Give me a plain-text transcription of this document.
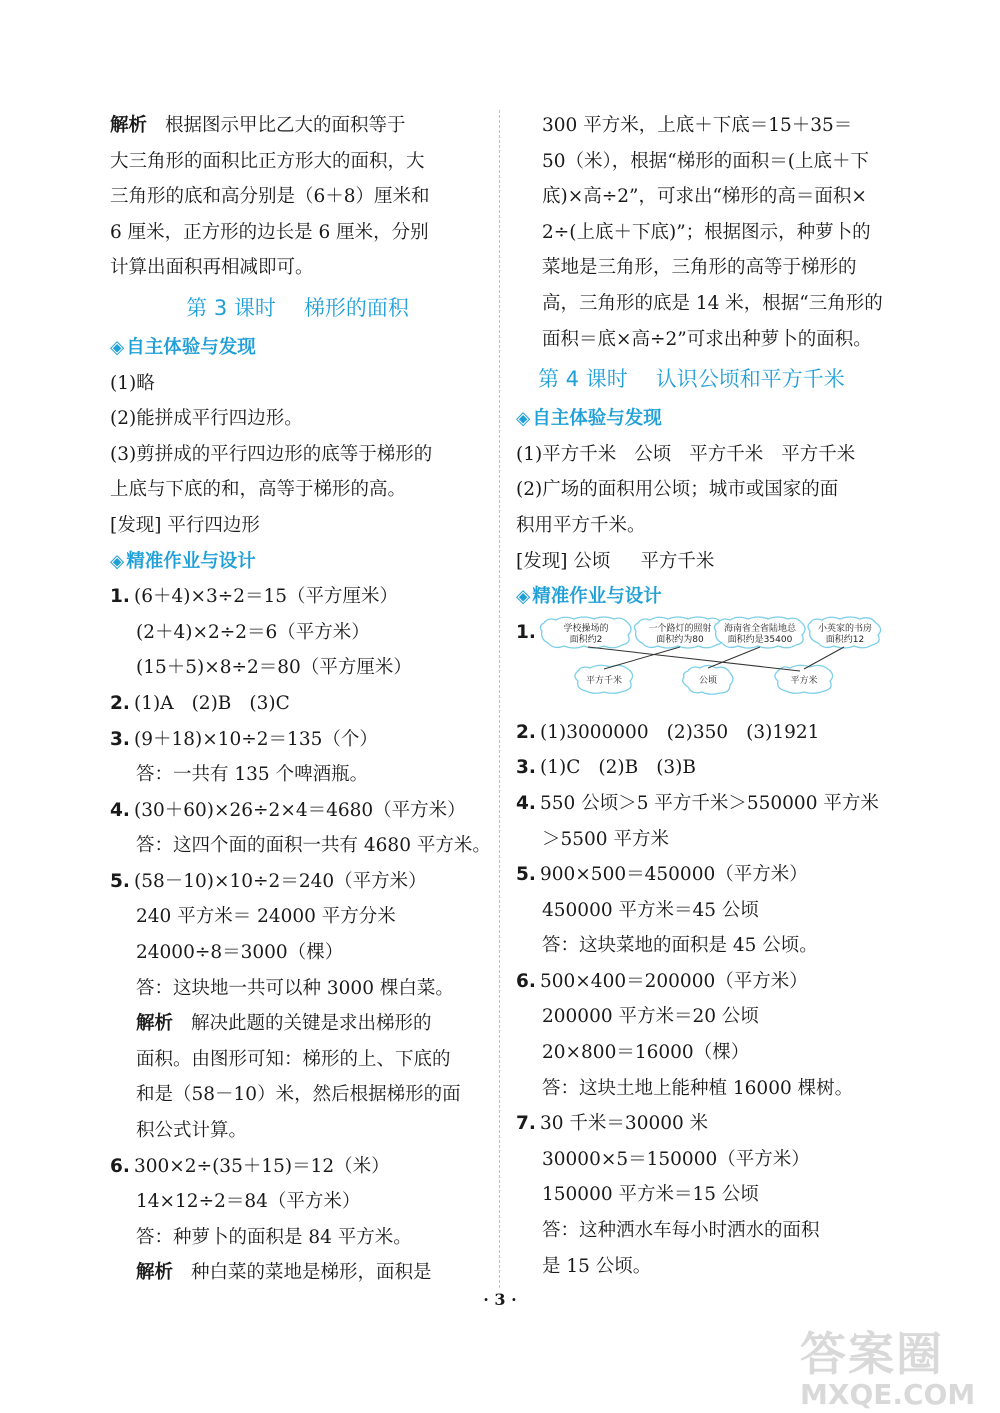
解析 根据图示甲比乙大的面积等于
大三角形的面积比正方形大的面积，大
三角形的底和高分别是（6＋8）厘米和
6 厘米，正方形的边长是 6 厘米，分别
计算出面积再相减即可。
第 3 课时 梯形的面积
◈ 自主体验与发现
(1)略
(2)能拼成平行四边形。
(3)剪拼成的平行四边形的底等于梯形的
上底与下底的和，高等于梯形的高。
[发现] 平行四边形
◈ 精准作业与设计
1. (6＋4)×3÷2＝15（平方厘米）
(2＋4)×2÷2＝6（平方米）
(15＋5)×8÷2＝80（平方厘米）
2. (1)A (2)B (3)C
3. (9＋18)×10÷2＝135（个）
答：一共有 135 个啤酒瓶。
4. (30＋60)×26÷2×4＝4680（平方米）
答：这四个面的面积一共有 4680 平方米。
5. (58－10)×10÷2＝240（平方米）
240 平方米＝ 24000 平方分米
24000÷8＝3000（棵）
答：这块地一共可以种 3000 棵白菜。
解析 解决此题的关键是求出梯形的
面积。由图形可知：梯形的上、下底的
和是（58－10）米，然后根据梯形的面
积公式计算。
6. 300×2÷(35＋15)＝12（米）
14×12÷2＝84（平方米）
答：种萝卜的面积是 84 平方米。
解析 种白菜的菜地是梯形，面积是
300 平方米，上底＋下底＝15＋35＝
50（米），根据“梯形的面积＝(上底＋下
底)×高÷2”，可求出“梯形的高＝面积×
2÷(上底＋下底)”；根据图示，种萝卜的
菜地是三角形，三角形的高等于梯形的
高，三角形的底是 14 米，根据“三角形的
面积＝底×高÷2”可求出种萝卜的面积。
第 4 课时 认识公顷和平方千米
◈ 自主体验与发现
(1)平方千米 公顷 平方千米 平方千米
(2)广场的面积用公顷；城市或国家的面
积用平方千米。
[发现] 公顷 平方千米
◈ 精准作业与设计
1.	学校操场的
面积约2
一个路灯的照射
面积约为80
海南省全省陆地总
面积约是35400
小英家的书房
面积约12
平方千米	公顷	平方米
2. (1)3000000 (2)350 (3)1921
3. (1)C (2)B (3)B
4. 550 公顷＞5 平方千米＞550000 平方米
＞5500 平方米
5. 900×500＝450000（平方米）
450000 平方米＝45 公顷
答：这块菜地的面积是 45 公顷。
6. 500×400＝200000（平方米）
200000 平方米＝20 公顷
20×800＝16000（棵）
答：这块土地上能种植 16000 棵树。
7. 30 千米＝30000 米
30000×5＝150000（平方米）
150000 平方米＝15 公顷
答：这种洒水车每小时洒水的面积
是 15 公顷。
· 3 ·
答案圈
MXQE.COM
